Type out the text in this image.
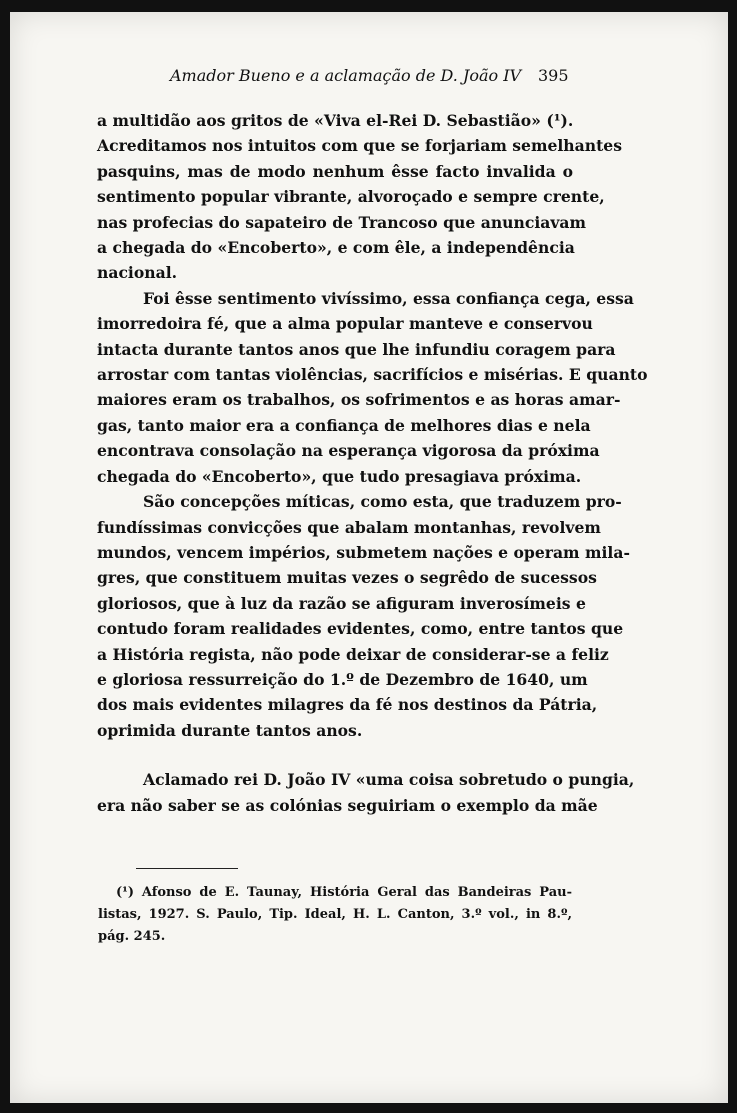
Amador Bueno e a aclamação de D. João IV 395
a multidão aos gritos de «Viva el-Rei D. Sebastião» (¹).
Acreditamos nos intuitos com que se forjariam semelhantes
pasquins, mas de modo nenhum êsse facto invalida o
sentimento popular vibrante, alvoroçado e sempre crente,
nas profecias do sapateiro de Trancoso que anunciavam
a chegada do «Encoberto», e com êle, a independência
nacional.
Foi êsse sentimento vivíssimo, essa confiança cega, essa
imorredoira fé, que a alma popular manteve e conservou
intacta durante tantos anos que lhe infundiu coragem para
arrostar com tantas violências, sacrifícios e misérias. E quanto
maiores eram os trabalhos, os sofrimentos e as horas amar-
gas, tanto maior era a confiança de melhores dias e nela
encontrava consolação na esperança vigorosa da próxima
chegada do «Encoberto», que tudo presagiava próxima.
São concepções míticas, como esta, que traduzem pro-
fundíssimas convicções que abalam montanhas, revolvem
mundos, vencem impérios, submetem nações e operam mila-
gres, que constituem muitas vezes o segrêdo de sucessos
gloriosos, que à luz da razão se afiguram inverosímeis e
contudo foram realidades evidentes, como, entre tantos que
a História regista, não pode deixar de considerar-se a feliz
e gloriosa ressurreição do 1.º de Dezembro de 1640, um
dos mais evidentes milagres da fé nos destinos da Pátria,
oprimida durante tantos anos.
Aclamado rei D. João IV «uma coisa sobretudo o pungia,
era não saber se as colónias seguiriam o exemplo da mãe
(¹) Afonso de E. Taunay, História Geral das Bandeiras Pau-
listas, 1927. S. Paulo, Tip. Ideal, H. L. Canton, 3.º vol., in 8.º,
pág. 245.
